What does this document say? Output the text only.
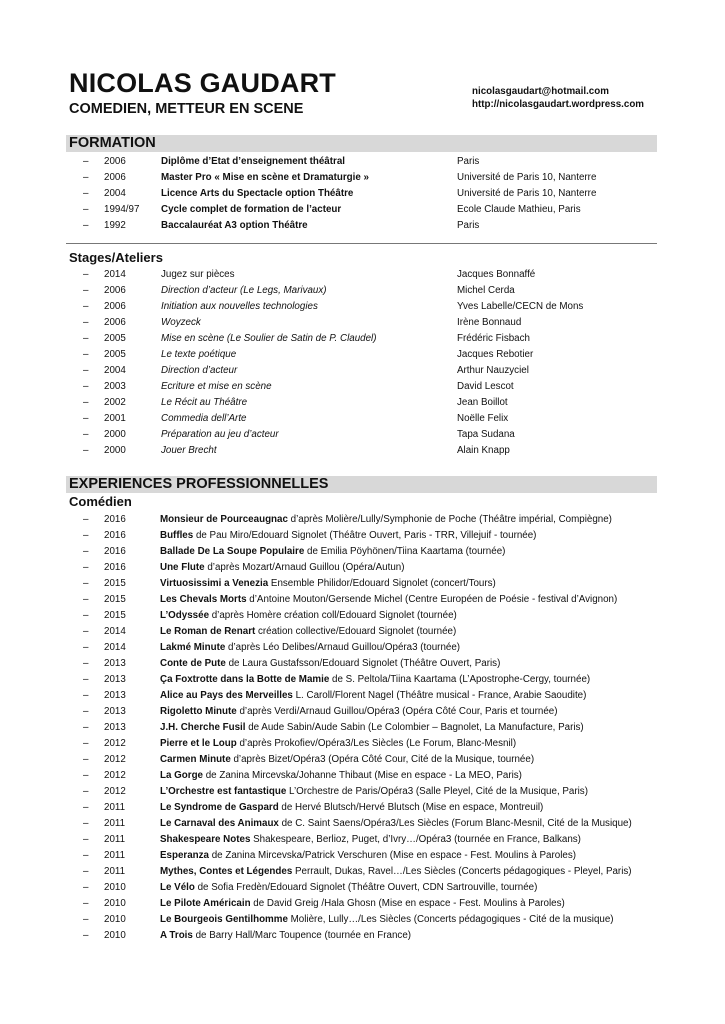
NICOLAS GAUDART
COMEDIEN, METTEUR EN SCENE
nicolasgaudart@hotmail.com
http://nicolasgaudart.wordpress.com
FORMATION
– 2006	Diplôme d’Etat d’enseignement théâtral	Paris
– 2006	Master Pro « Mise en scène et Dramaturgie »	Université de Paris 10, Nanterre
– 2004	Licence Arts du Spectacle option Théâtre	Université de Paris 10, Nanterre
– 1994/97 Cycle complet de formation de l’acteur	Ecole Claude Mathieu, Paris
– 1992	Baccalauréat A3 option Théâtre	Paris
Stages/Ateliers
– 2014	Jugez sur pièces	Jacques Bonnaffé
– 2006	Direction d’acteur (Le Legs, Marivaux)	Michel Cerda
– 2006	Initiation aux nouvelles technologies	Yves Labelle/CECN de Mons
– 2006	Woyzeck	Irène Bonnaud
– 2005	Mise en scène (Le Soulier de Satin de P. Claudel)	Frédéric Fisbach
– 2005	Le texte poétique	Jacques Rebotier
– 2004	Direction d’acteur	Arthur Nauzyciel
– 2003	Ecriture et mise en scène	David Lescot
– 2002	Le Récit au Théâtre	Jean Boillot
– 2001	Commedia dell’Arte	Noëlle Felix
– 2000	Préparation au jeu d’acteur	Tapa Sudana
– 2000	Jouer Brecht	Alain Knapp
EXPERIENCES PROFESSIONNELLES
Comédien
– 2016	Monsieur de Pourceaugnac d’après Molière/Lully/Symphonie de Poche (Théâtre impérial, Compiègne)
– 2016	Buffles de Pau Miro/Edouard Signolet (Théâtre Ouvert, Paris - TRR, Villejuif - tournée)
– 2016	Ballade De La Soupe Populaire de Emilia Pöyhönen/Tiina Kaartama (tournée)
– 2016	Une Flute d’après Mozart/Arnaud Guillou (Opéra/Autun)
– 2015	Virtuosissimi a Venezia Ensemble Philidor/Edouard Signolet (concert/Tours)
– 2015	Les Chevals Morts d’Antoine Mouton/Gersende Michel (Centre Européen de Poésie - festival d’Avignon)
– 2015	L’Odyssée d’après Homère création coll/Edouard Signolet (tournée)
– 2014	Le Roman de Renart création collective/Edouard Signolet (tournée)
– 2014	Lakmé Minute d’après Léo Delibes/Arnaud Guillou/Opéra3 (tournée)
– 2013	Conte de Pute de Laura Gustafsson/Edouard Signolet (Théâtre Ouvert, Paris)
– 2013	Ça Foxtrotte dans la Botte de Mamie de S. Peltola/Tiina Kaartama (L’Apostrophe-Cergy, tournée)
– 2013	Alice au Pays des Merveilles L. Caroll/Florent Nagel (Théâtre musical - France, Arabie Saoudite)
– 2013	Rigoletto Minute d’après Verdi/Arnaud Guillou/Opéra3 (Opéra Côté Cour, Paris et tournée)
– 2013	J.H. Cherche Fusil de Aude Sabin/Aude Sabin (Le Colombier – Bagnolet, La Manufacture, Paris)
– 2012	Pierre et le Loup d’après Prokofiev/Opéra3/Les Siècles (Le Forum, Blanc-Mesnil)
– 2012	Carmen Minute d’après Bizet/Opéra3 (Opéra Côté Cour, Cité de la Musique, tournée)
– 2012	La Gorge de Zanina Mircevska/Johanne Thibaut (Mise en espace - La MEO, Paris)
– 2012	L’Orchestre est fantastique L’Orchestre de Paris/Opéra3 (Salle Pleyel, Cité de la Musique, Paris)
– 2011	Le Syndrome de Gaspard de Hervé Blutsch/Hervé Blutsch (Mise en espace, Montreuil)
– 2011	Le Carnaval des Animaux de C. Saint Saens/Opéra3/Les Siècles (Forum Blanc-Mesnil, Cité de la Musique)
– 2011	Shakespeare Notes Shakespeare, Berlioz, Puget, d’Ivry…/Opéra3 (tournée en France, Balkans)
– 2011	Esperanza de Zanina Mircevska/Patrick Verschuren (Mise en espace - Fest. Moulins à Paroles)
– 2011	Mythes, Contes et Légendes Perrault, Dukas, Ravel…/Les Siècles (Concerts pédagogiques - Pleyel, Paris)
– 2010	Le Vélo de Sofia Fredèn/Edouard Signolet (Théâtre Ouvert, CDN Sartrouville, tournée)
– 2010	Le Pilote Américain de David Greig /Hala Ghosn (Mise en espace - Fest. Moulins à Paroles)
– 2010	Le Bourgeois Gentilhomme Molière, Lully…/Les Siècles (Concerts pédagogiques - Cité de la musique)
– 2010	A Trois de Barry Hall/Marc Toupence (tournée en France)
